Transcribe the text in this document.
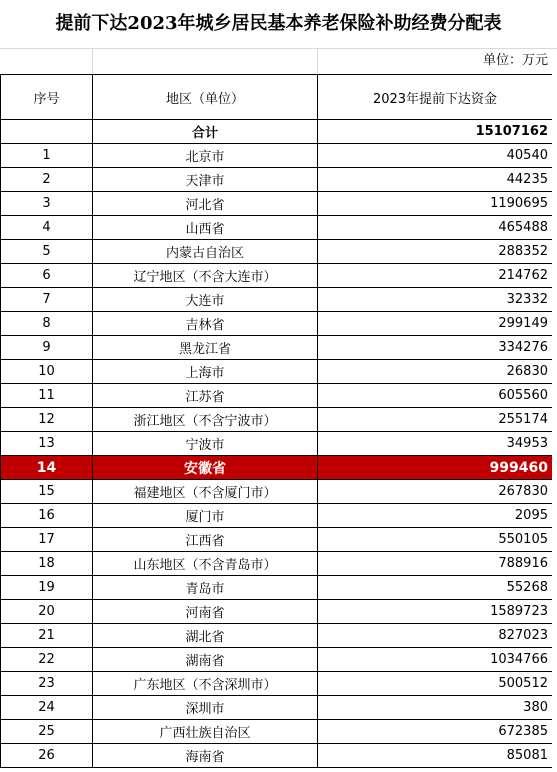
提前下达2023年城乡居民基本养老保险补助经费分配表
单位：万元
序号	地区（单位）	2023年提前下达资金
	合计	15107162
1	北京市	40540
2	天津市	44235
3	河北省	1190695
4	山西省	465488
5	内蒙古自治区	288352
6	辽宁地区（不含大连市）	214762
7	大连市	32332
8	吉林省	299149
9	黑龙江省	334276
10	上海市	26830
11	江苏省	605560
12	浙江地区（不含宁波市）	255174
13	宁波市	34953
14	安徽省	999460
15	福建地区（不含厦门市）	267830
16	厦门市	2095
17	江西省	550105
18	山东地区（不含青岛市）	788916
19	青岛市	55268
20	河南省	1589723
21	湖北省	827023
22	湖南省	1034766
23	广东地区（不含深圳市）	500512
24	深圳市	380
25	广西壮族自治区	672385
26	海南省	85081
